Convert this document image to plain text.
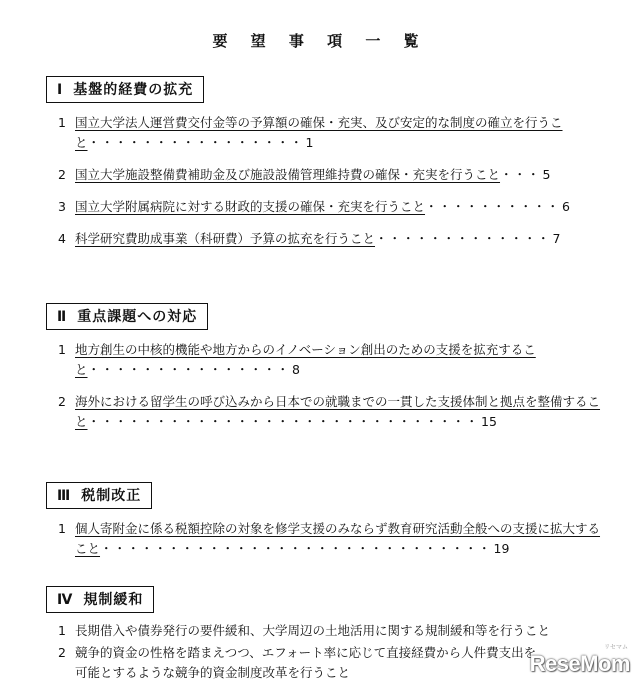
要 望 事 項 一 覧
Ⅰ 基盤的経費の拡充
1 国立大学法人運営費交付金等の予算額の確保・充実、及び安定的な制度の確立を行うこと・・・・・・・・・・・・・・・・ 1
2 国立大学施設整備費補助金及び施設設備管理維持費の確保・充実を行うこと・・・ 5
3 国立大学附属病院に対する財政的支援の確保・充実を行うこと・・・・・・・・・・ 6
4 科学研究費助成事業（科研費）予算の拡充を行うこと・・・・・・・・・・・・・ 7
Ⅱ 重点課題への対応
1 地方創生の中核的機能や地方からのイノベーション創出のための支援を拡充すること・・・・・・・・・・・・・・・ 8
2 海外における留学生の呼び込みから日本での就職までの一貫した支援体制と拠点を整備すること・・・・・・・・・・・・・・・・・・・・・・・・・・・・・ 15
Ⅲ 税制改正
1 個人寄附金に係る税額控除の対象を修学支援のみならず教育研究活動全般への支援に拡大すること・・・・・・・・・・・・・・・・・・・・・・・・・・・・・ 19
Ⅳ 規制緩和
1 長期借入や債券発行の要件緩和、大学周辺の土地活用に関する規制緩和等を行うこと
2 競争的資金の性格を踏まえつつ、エフォート率に応じて直接経費から人件費支出を可能とするような競争的資金制度改革を行うこと
リセマム
ReseMom
